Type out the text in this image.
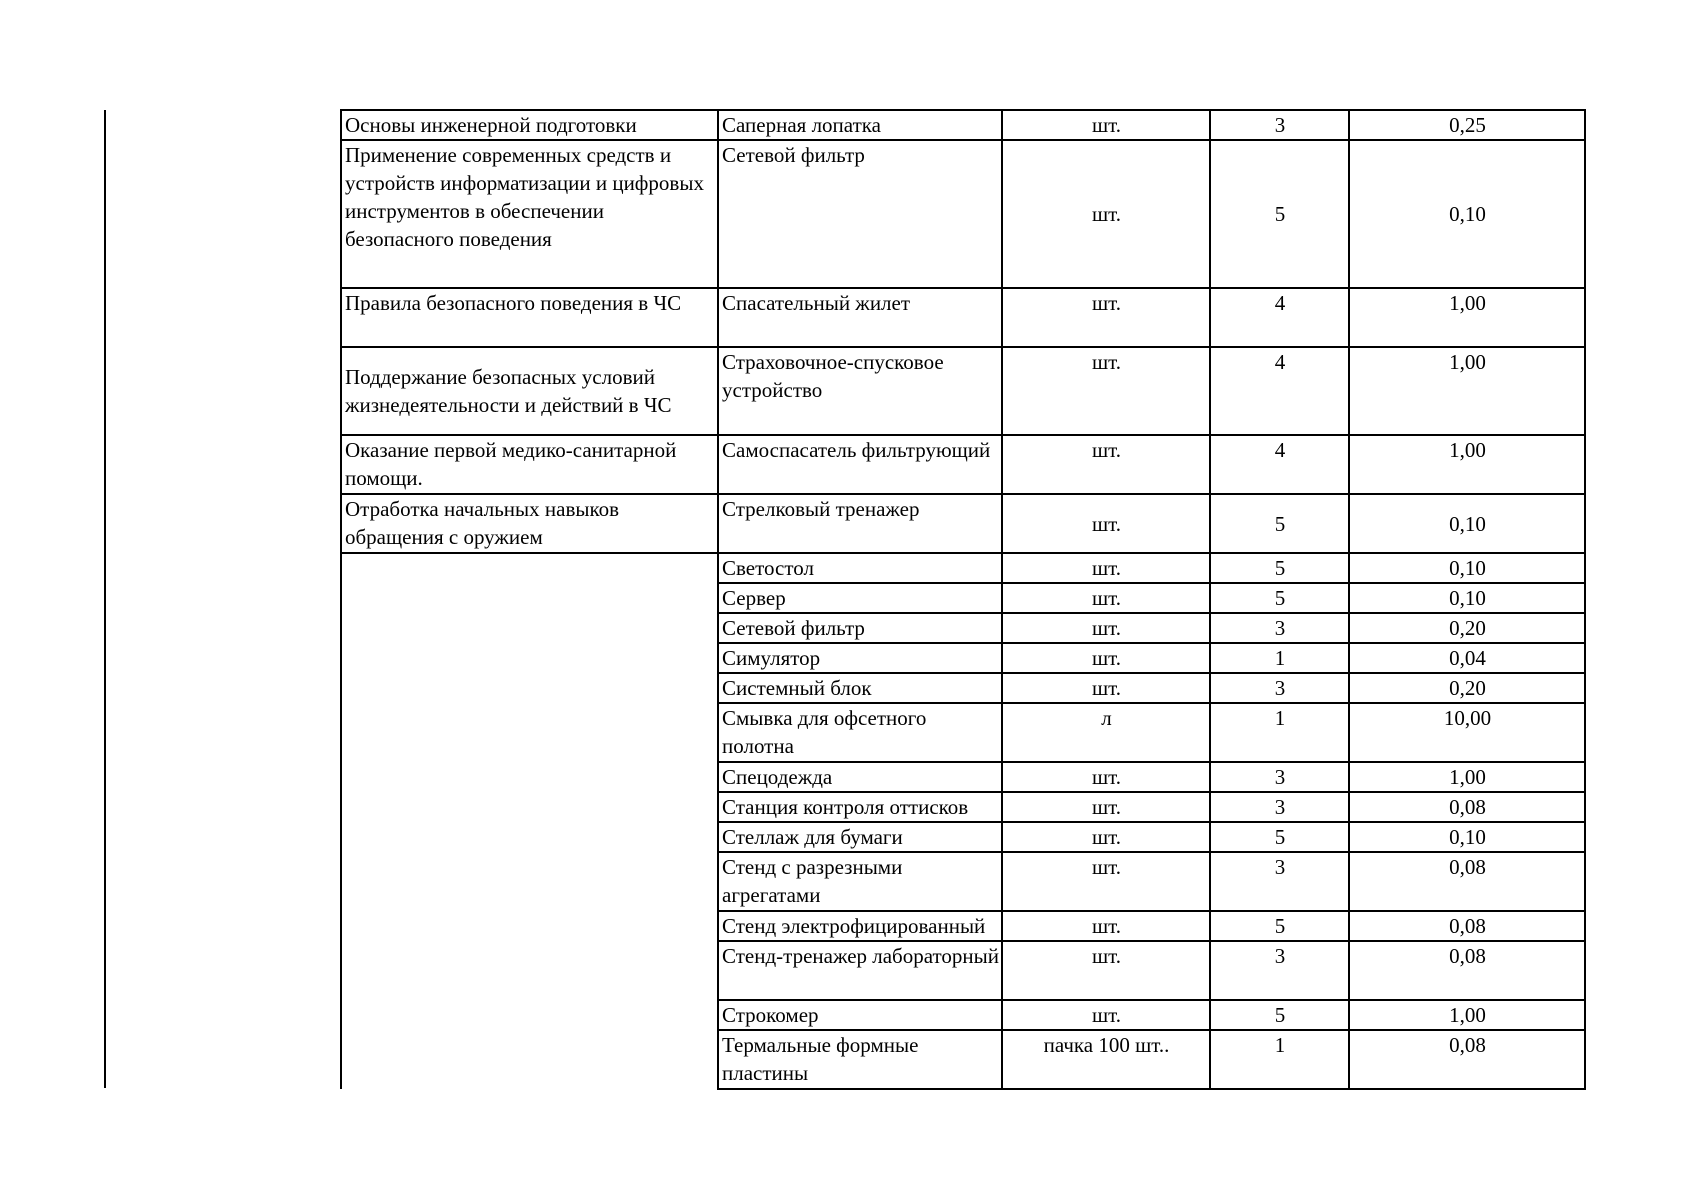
Основы инженерной подготовки	Саперная лопатка	шт.	3	0,25
Применение современных средств и устройств информатизации и цифровых инструментов в обеспечении безопасного поведения	Сетевой фильтр	шт.	5	0,10
Правила безопасного поведения в ЧС	Спасательный жилет	шт.	4	1,00
Поддержание безопасных условий жизнедеятельности и действий в ЧС	Страховочное-спусковое устройство	шт.	4	1,00
Оказание первой медико-санитарной помощи.	Самоспасатель фильтрующий	шт.	4	1,00
Отработка начальных навыков обращения с оружием	Стрелковый тренажер	шт.	5	0,10
	Светостол	шт.	5	0,10
	Сервер	шт.	5	0,10
	Сетевой фильтр	шт.	3	0,20
	Симулятор	шт.	1	0,04
	Системный блок	шт.	3	0,20
	Смывка для офсетного полотна	л	1	10,00
	Спецодежда	шт.	3	1,00
	Станция контроля оттисков	шт.	3	0,08
	Стеллаж для бумаги	шт.	5	0,10
	Стенд с разрезными агрегатами	шт.	3	0,08
	Стенд электрофицированный	шт.	5	0,08
	Стенд-тренажер лабораторный	шт.	3	0,08
	Строкомер	шт.	5	1,00
	Термальные формные пластины	пачка 100 шт..	1	0,08
